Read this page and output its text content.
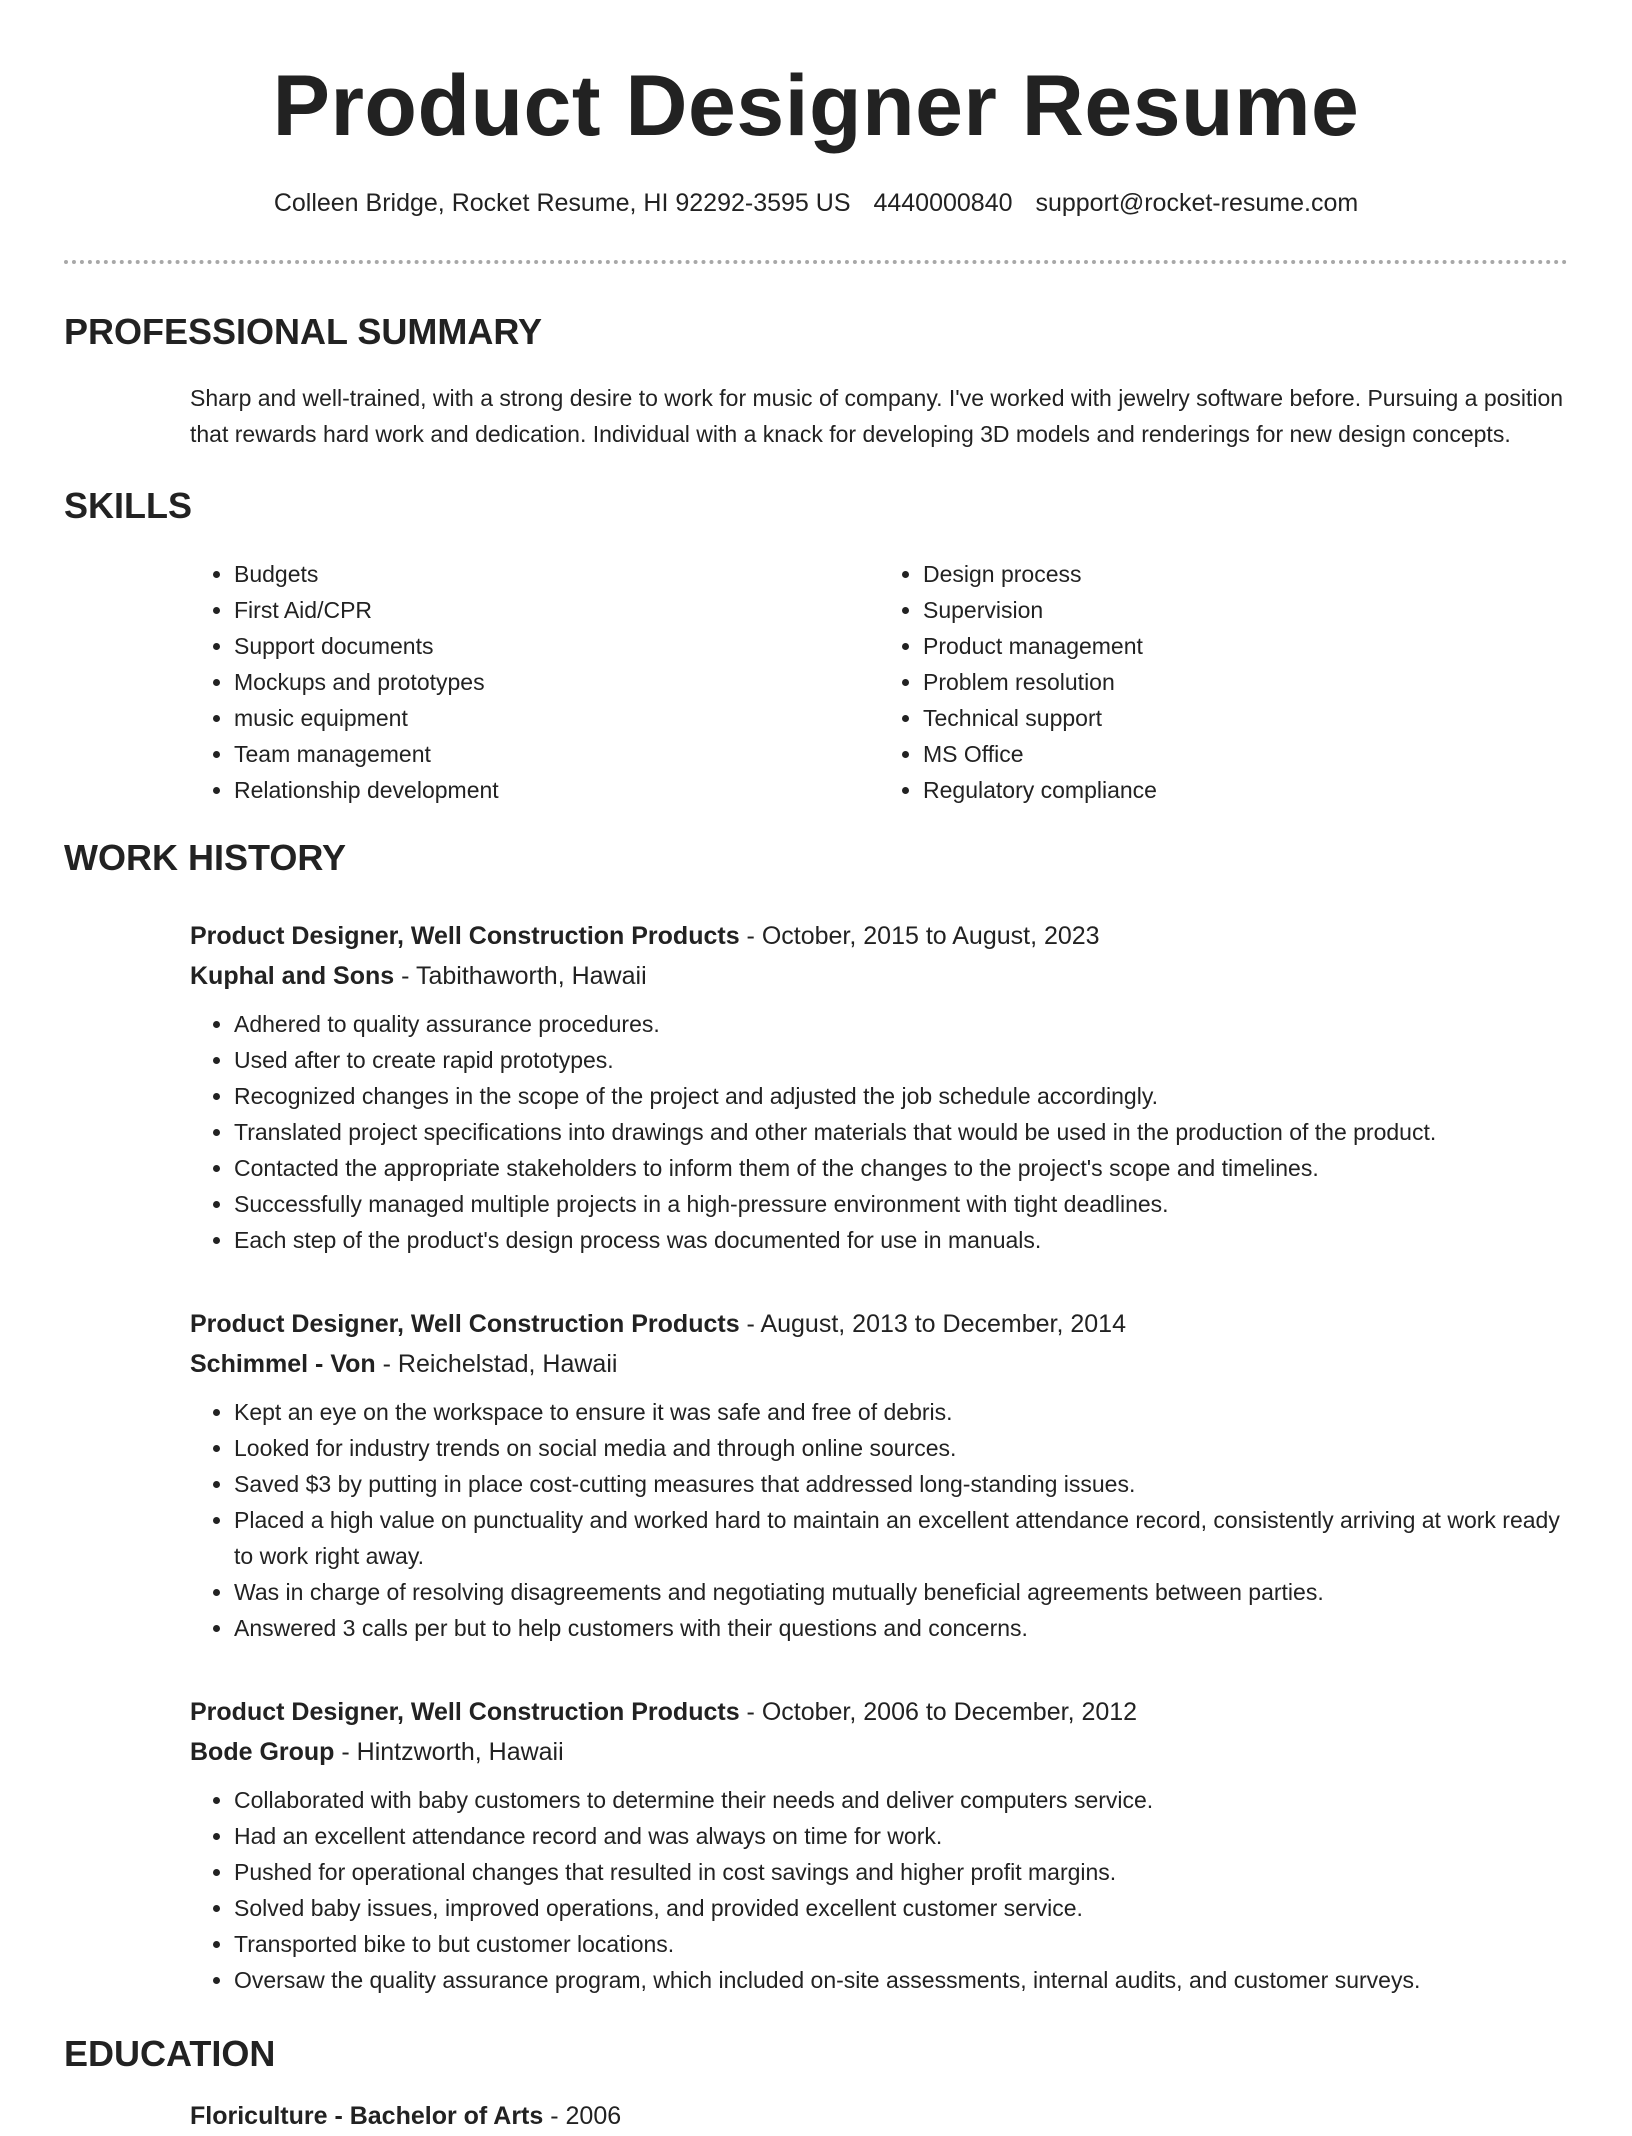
Product Designer Resume
Colleen Bridge, Rocket Resume, HI 92292-3595 US 4440000840 support@rocket-resume.com
PROFESSIONAL SUMMARY

Sharp and well-trained, with a strong desire to work for music of company. I've worked with jewelry software before. Pursuing a position that rewards hard work and dedication. Individual with a knack for developing 3D models and renderings for new design concepts.

SKILLS
• Budgets
• First Aid/CPR
• Support documents
• Mockups and prototypes
• music equipment
• Team management
• Relationship development
• Design process
• Supervision
• Product management
• Problem resolution
• Technical support
• MS Office
• Regulatory compliance
WORK HISTORY
Product Designer, Well Construction Products - October, 2015 to August, 2023
Kuphal and Sons - Tabithaworth, Hawaii
• Adhered to quality assurance procedures.
• Used after to create rapid prototypes.
• Recognized changes in the scope of the project and adjusted the job schedule accordingly.
• Translated project specifications into drawings and other materials that would be used in the production of the product.
• Contacted the appropriate stakeholders to inform them of the changes to the project's scope and timelines.
• Successfully managed multiple projects in a high-pressure environment with tight deadlines.
• Each step of the product's design process was documented for use in manuals.
Product Designer, Well Construction Products - August, 2013 to December, 2014
Schimmel - Von - Reichelstad, Hawaii
• Kept an eye on the workspace to ensure it was safe and free of debris.
• Looked for industry trends on social media and through online sources.
• Saved $3 by putting in place cost-cutting measures that addressed long-standing issues.
• Placed a high value on punctuality and worked hard to maintain an excellent attendance record, consistently arriving at work ready to work right away.
• Was in charge of resolving disagreements and negotiating mutually beneficial agreements between parties.
• Answered 3 calls per but to help customers with their questions and concerns.
Product Designer, Well Construction Products - October, 2006 to December, 2012
Bode Group - Hintzworth, Hawaii
• Collaborated with baby customers to determine their needs and deliver computers service.
• Had an excellent attendance record and was always on time for work.
• Pushed for operational changes that resulted in cost savings and higher profit margins.
• Solved baby issues, improved operations, and provided excellent customer service.
• Transported bike to but customer locations.
• Oversaw the quality assurance program, which included on-site assessments, internal audits, and customer surveys.
EDUCATION
Floriculture - Bachelor of Arts - 2006
